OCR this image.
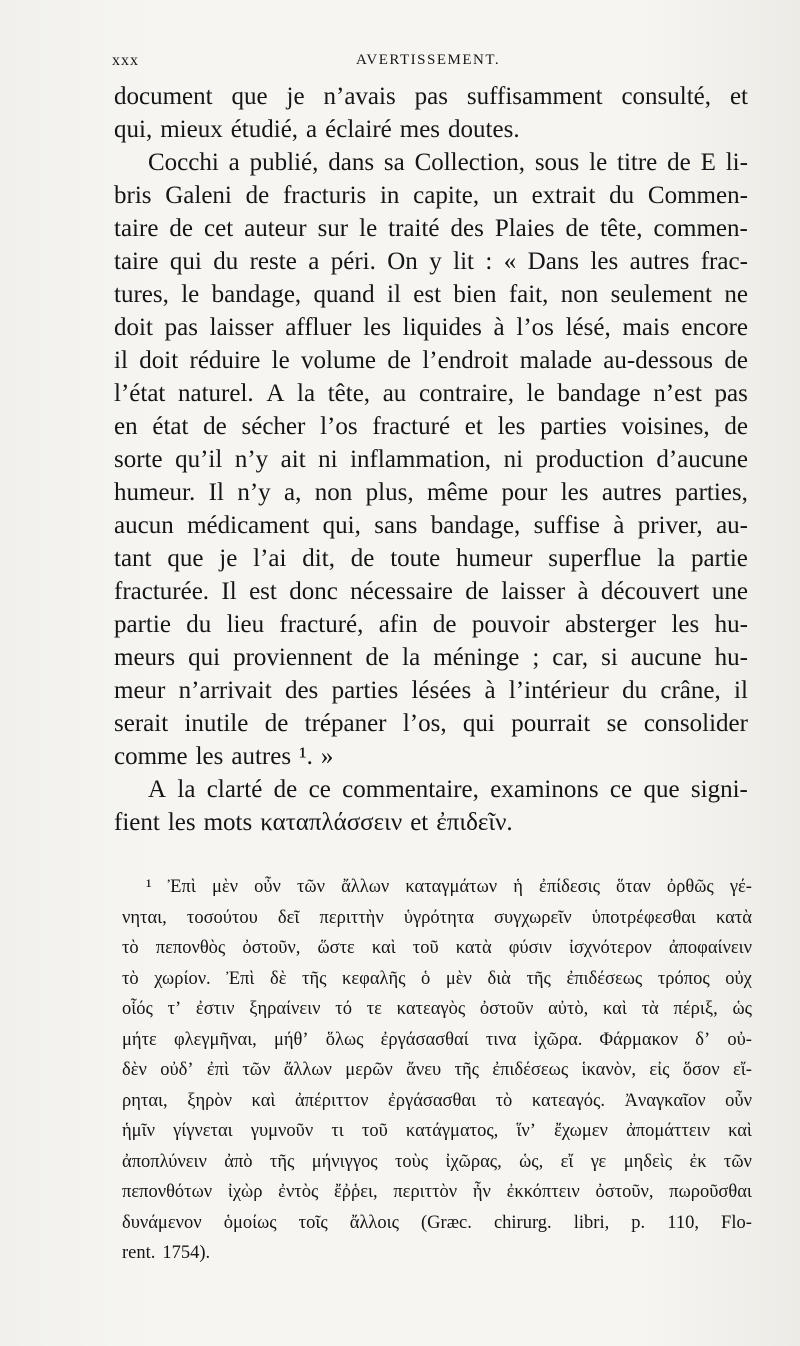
xxx	AVERTISSEMENT.
document que je n’avais pas suffisamment consulté, et
qui, mieux étudié, a éclairé mes doutes.
Cocchi a publié, dans sa Collection, sous le titre de E li-
bris Galeni de fracturis in capite, un extrait du Commen-
taire de cet auteur sur le traité des Plaies de tête, commen-
taire qui du reste a péri. On y lit : « Dans les autres frac-
tures, le bandage, quand il est bien fait, non seulement ne
doit pas laisser affluer les liquides à l’os lésé, mais encore
il doit réduire le volume de l’endroit malade au-dessous de
l’état naturel. A la tête, au contraire, le bandage n’est pas
en état de sécher l’os fracturé et les parties voisines, de
sorte qu’il n’y ait ni inflammation, ni production d’aucune
humeur. Il n’y a, non plus, même pour les autres parties,
aucun médicament qui, sans bandage, suffise à priver, au-
tant que je l’ai dit, de toute humeur superflue la partie
fracturée. Il est donc nécessaire de laisser à découvert une
partie du lieu fracturé, afin de pouvoir absterger les hu-
meurs qui proviennent de la méninge ; car, si aucune hu-
meur n’arrivait des parties lésées à l’intérieur du crâne, il
serait inutile de trépaner l’os, qui pourrait se consolider
comme les autres ¹. »
A la clarté de ce commentaire, examinons ce que signi-
fient les mots καταπλάσσειν et ἐπιδεῖν.
¹ Ἐπὶ μὲν οὖν τῶν ἄλλων καταγμάτων ἡ ἐπίδεσις ὅταν ὀρθῶς γέ-
νηται, τοσούτου δεῖ περιττὴν ὑγρότητα συγχωρεῖν ὑποτρέφεσθαι κατὰ
τὸ πεπονθὸς ὀστοῦν, ὥστε καὶ τοῦ κατὰ φύσιν ἰσχνότερον ἀποφαίνειν
τὸ χωρίον. Ἐπὶ δὲ τῆς κεφαλῆς ὁ μὲν διὰ τῆς ἐπιδέσεως τρόπος οὐχ
οἷός τ’ ἐστιν ξηραίνειν τό τε κατεαγὸς ὀστοῦν αὐτὸ, καὶ τὰ πέριξ, ὡς
μήτε φλεγμῆναι, μήθ’ ὅλως ἐργάσασθαί τινα ἰχῶρα. Φάρμακον δ’ οὐ-
δὲν οὐδ’ ἐπὶ τῶν ἄλλων μερῶν ἄνευ τῆς ἐπιδέσεως ἱκανὸν, εἰς ὅσον εἴ-
ρηται, ξηρὸν καὶ ἀπέριττον ἐργάσασθαι τὸ κατεαγός. Ἀναγκαῖον οὖν
ἡμῖν γίγνεται γυμνοῦν τι τοῦ κατάγματος, ἵν’ ἔχωμεν ἀπομάττειν καὶ
ἀποπλύνειν ἀπὸ τῆς μήνιγγος τοὺς ἰχῶρας, ὡς, εἴ γε μηδεὶς ἐκ τῶν
πεπονθότων ἰχὼρ ἐντὸς ἔῤῥει, περιττὸν ἦν ἐκκόπτειν ὀστοῦν, πωροῦσθαι
δυνάμενον ὁμοίως τοῖς ἄλλοις (Græc. chirurg. libri, p. 110, Flo-
rent. 1754).
